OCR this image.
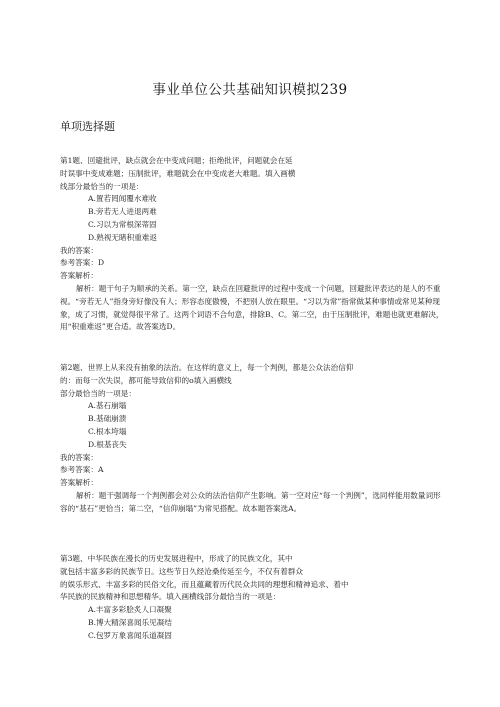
事业单位公共基础知识模拟239
单项选择题
第1题、回避批评，缺点就会在中变成问题；拒绝批评，问题就会在延
时误事中变成难题；压制批评，难题就会在中变成老大难题。填入画横
线部分最恰当的一项是：
A.置若罔闻覆水难收
B.旁若无人进退两难
C.习以为常根深蒂固
D.熟视无睹积重难返
我的答案：
参考答案：D
答案解析：
解析：题干句子为顺承的关系。第一空，缺点在回避批评的过程中变成一个问题，回避批评表达的是人的不重视。“旁若无人”指身旁好像没有人；形容态度傲慢，不把别人放在眼里。“习以为常”指常做某种事情或常见某种现象，成了习惯，就觉得很平常了。这两个词语不合句意，排除B、C。第二空，由于压制批评，难题也就更难解决，用“积重难返”更合适。故答案选D。
第2题、世界上从来没有抽象的法治。在这样的意义上，每一个判例，都是公众法治信仰
的：而每一次失误，都可能导致信仰的o填入画横线
部分最恰当的一项是：
A.基石崩塌
B.基础崩溃
C.根本垮塌
D.根基丧失
我的答案：
参考答案：A
答案解析：
解析：题干强调每一个判例都会对公众的法治信仰产生影响。第一空对应“每一个判例”，选同样能用数量词形容的“基石”更恰当；第二空，“信仰崩塌”为常见搭配。故本题答案选A。
第3题、中华民族在漫长的历史发展进程中，形成了的民族文化，其中
就包括丰富多彩的民族节日。这些节日久经沧桑传延至今，不仅有着群众
的娱乐形式、丰富多彩的民俗文化，而且蕴藏着历代民众共同的理想和精神追求、着中
华民族的民族精神和思想精华。填入画横线部分最恰当的一项是：
A.丰富多彩脍炙人口凝聚
B.博大精深喜闻乐见凝结
C.包罗万象喜闻乐道凝固
